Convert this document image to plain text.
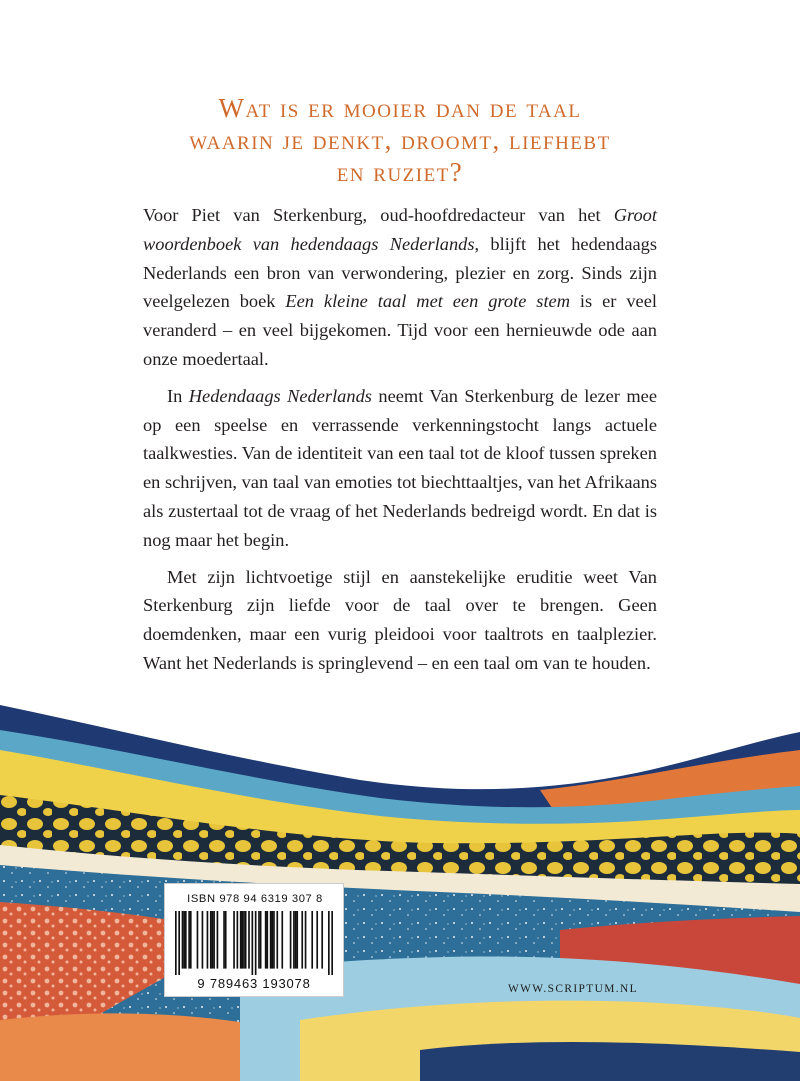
Wat is er mooier dan de taal
waarin je denkt, droomt, liefhebt
en ruziet?

Voor Piet van Sterkenburg, oud-hoofdredacteur van het Groot woordenboek van hedendaags Nederlands, blijft het hedendaags Nederlands een bron van verwondering, plezier en zorg. Sinds zijn veelgelezen boek Een kleine taal met een grote stem is er veel veranderd – en veel bijgekomen. Tijd voor een hernieuwde ode aan onze moedertaal.

In Hedendaags Nederlands neemt Van Sterkenburg de lezer mee op een speelse en verrassende verkenningstocht langs actuele taalkwesties. Van de identiteit van een taal tot de kloof tussen spreken en schrijven, van taal van emoties tot biechttaaltjes, van het Afrikaans als zustertaal tot de vraag of het Nederlands bedreigd wordt. En dat is nog maar het begin.

Met zijn lichtvoetige stijl en aanstekelijke eruditie weet Van Sterkenburg zijn liefde voor de taal over te brengen. Geen doemdenken, maar een vurig pleidooi voor taaltrots en taalplezier. Want het Nederlands is springlevend – en een taal om van te houden.

ISBN 978 94 6319 307 8
9 789463 193078	WWW.SCRIPTUM.NL
